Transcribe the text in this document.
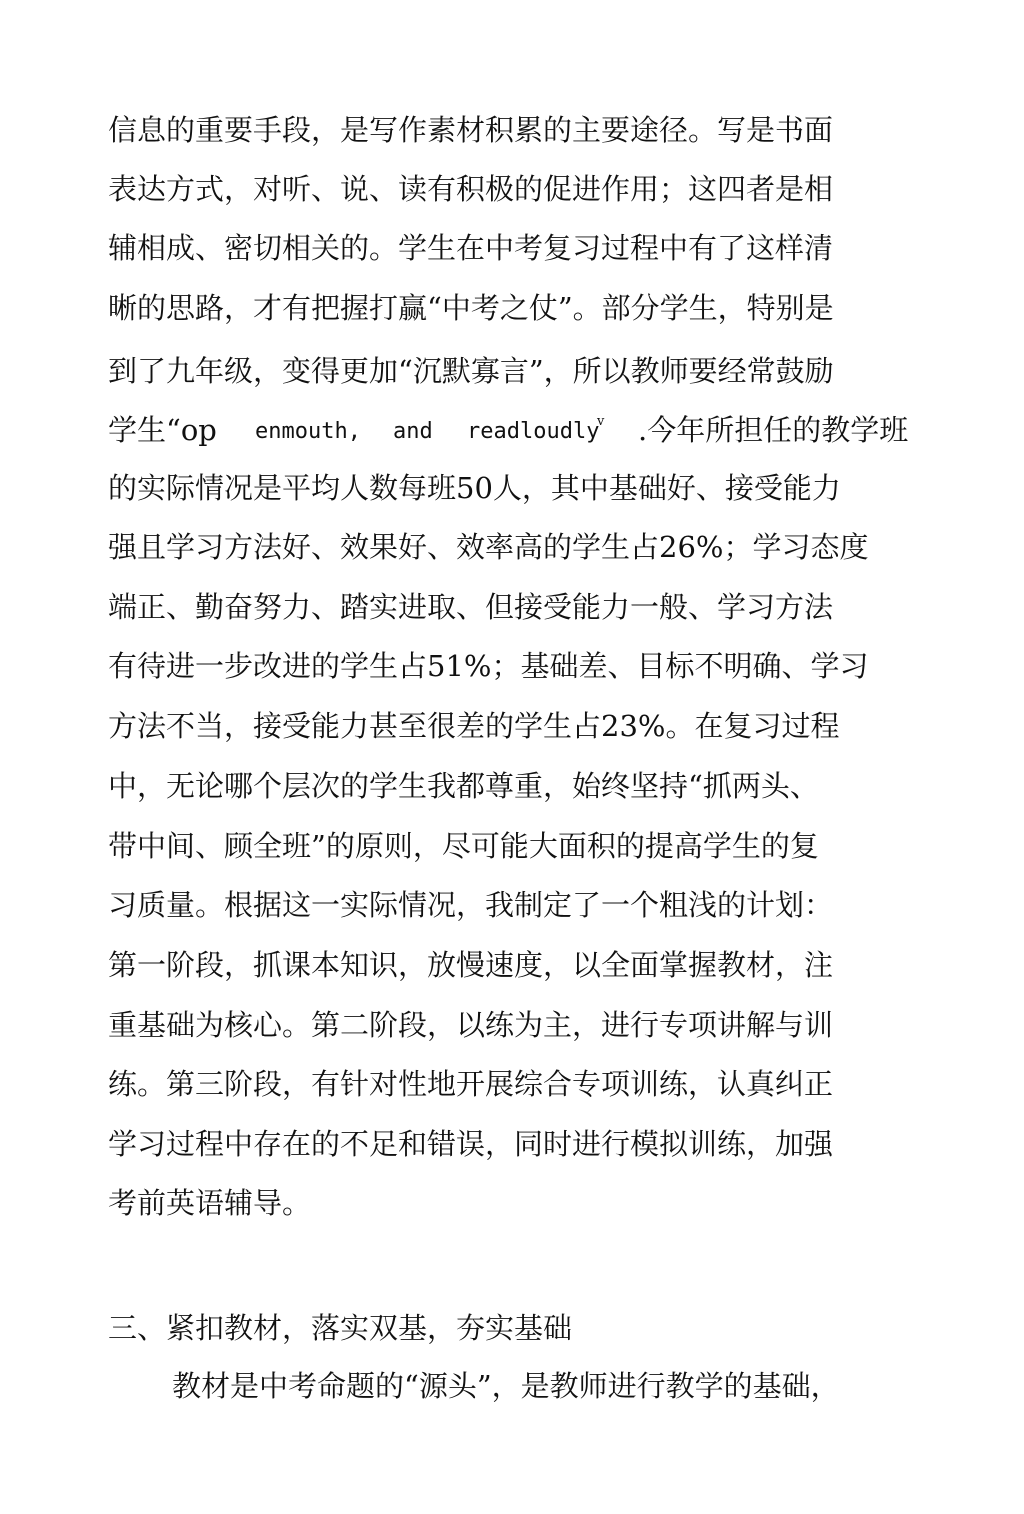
信息的重要手段，是写作素材积累的主要途径。写是书面
表达方式，对听、说、读有积极的促进作用；这四者是相
辅相成、密切相关的。学生在中考复习过程中有了这样清
晰的思路，才有把握打赢“中考之仗”。部分学生，特别是
到了九年级，变得更加“沉默寡言”，所以教师要经常鼓励
学生“op enmouth, and readloudly
v .今年所担任的教学班
的实际情况是平均人数每班50人，其中基础好、接受能力
强且学习方法好、效果好、效率高的学生占26%；学习态度
端正、勤奋努力、踏实进取、但接受能力一般、学习方法
有待进一步改进的学生占51%；基础差、目标不明确、学习
方法不当，接受能力甚至很差的学生占23%。在复习过程
中，无论哪个层次的学生我都尊重，始终坚持“抓两头、
带中间、顾全班”的原则，尽可能大面积的提高学生的复
习质量。根据这一实际情况，我制定了一个粗浅的计划：
第一阶段，抓课本知识，放慢速度，以全面掌握教材，注
重基础为核心。第二阶段，以练为主，进行专项讲解与训
练。第三阶段，有针对性地开展综合专项训练，认真纠正
学习过程中存在的不足和错误，同时进行模拟训练，加强
考前英语辅导。
三、紧扣教材，落实双基，夯实基础
教材是中考命题的“源头”，是教师进行教学的基础，
